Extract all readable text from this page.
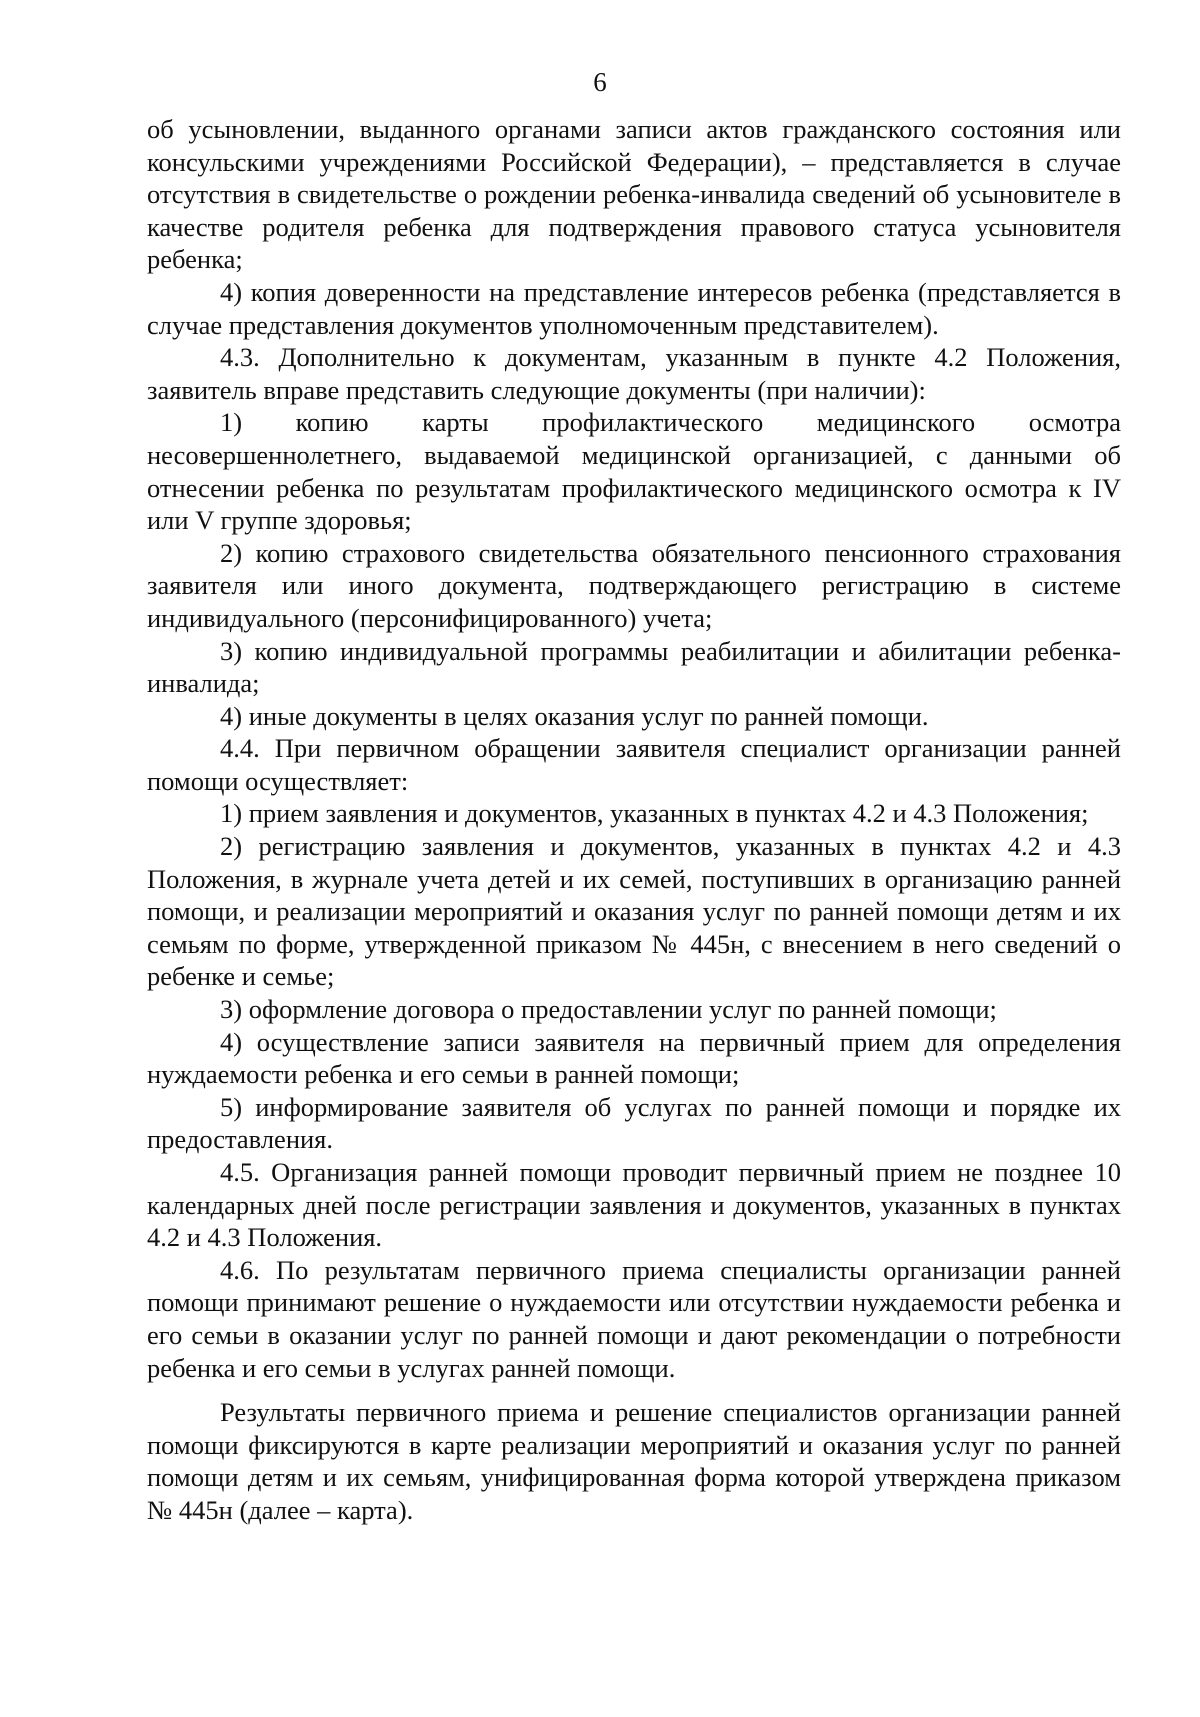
6

об усыновлении, выданного органами записи актов гражданского состояния или консульскими учреждениями Российской Федерации), – представляется в случае отсутствия в свидетельстве о рождении ребенка-инвалида сведений об усыновителе в качестве родителя ребенка для подтверждения правового статуса усыновителя ребенка;

4) копия доверенности на представление интересов ребенка (представляется в случае представления документов уполномоченным представителем).

4.3. Дополнительно к документам, указанным в пункте 4.2 Положения, заявитель вправе представить следующие документы (при наличии):

1) копию карты профилактического медицинского осмотра несовершеннолетнего, выдаваемой медицинской организацией, с данными об отнесении ребенка по результатам профилактического медицинского осмотра к IV или V группе здоровья;

2) копию страхового свидетельства обязательного пенсионного страхования заявителя или иного документа, подтверждающего регистрацию в системе индивидуального (персонифицированного) учета;

3) копию индивидуальной программы реабилитации и абилитации ребенка-инвалида;

4) иные документы в целях оказания услуг по ранней помощи.

4.4. При первичном обращении заявителя специалист организации ранней помощи осуществляет:

1) прием заявления и документов, указанных в пунктах 4.2 и 4.3 Положения;

2) регистрацию заявления и документов, указанных в пунктах 4.2 и 4.3 Положения, в журнале учета детей и их семей, поступивших в организацию ранней помощи, и реализации мероприятий и оказания услуг по ранней помощи детям и их семьям по форме, утвержденной приказом № 445н, с внесением в него сведений о ребенке и семье;

3) оформление договора о предоставлении услуг по ранней помощи;

4) осуществление записи заявителя на первичный прием для определения нуждаемости ребенка и его семьи в ранней помощи;

5) информирование заявителя об услугах по ранней помощи и порядке их предоставления.

4.5. Организация ранней помощи проводит первичный прием не позднее 10 календарных дней после регистрации заявления и документов, указанных в пунктах 4.2 и 4.3 Положения.

4.6. По результатам первичного приема специалисты организации ранней помощи принимают решение о нуждаемости или отсутствии нуждаемости ребенка и его семьи в оказании услуг по ранней помощи и дают рекомендации о потребности ребенка и его семьи в услугах ранней помощи.

Результаты первичного приема и решение специалистов организации ранней помощи фиксируются в карте реализации мероприятий и оказания услуг по ранней помощи детям и их семьям, унифицированная форма которой утверждена приказом № 445н (далее – карта).
